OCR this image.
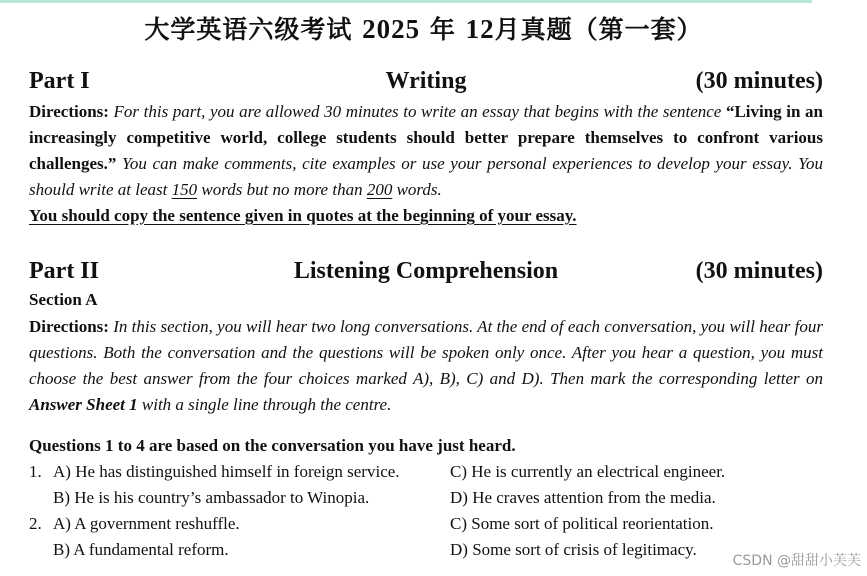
大学英语六级考试 2025 年 12月真题（第一套）
Part I	Writing	(30 minutes)
Directions: For this part, you are allowed 30 minutes to write an essay that begins with the sentence “Living in an increasingly competitive world, college students should better prepare themselves to confront various challenges.” You can make comments, cite examples or use your personal experiences to develop your essay. You should write at least 150 words but no more than 200 words.
You should copy the sentence given in quotes at the beginning of your essay.
Part II	Listening Comprehension	(30 minutes)
Section A
Directions: In this section, you will hear two long conversations. At the end of each conversation, you will hear four questions. Both the conversation and the questions will be spoken only once. After you hear a question, you must choose the best answer from the four choices marked A), B), C) and D). Then mark the corresponding letter on Answer Sheet 1 with a single line through the centre.
Questions 1 to 4 are based on the conversation you have just heard.
1. A) He has distinguished himself in foreign service.	C) He is currently an electrical engineer.
B) He is his country’s ambassador to Winopia.	D) He craves attention from the media.
2. A) A government reshuffle.	C) Some sort of political reorientation.
B) A fundamental reform.	D) Some sort of crisis of legitimacy.
CSDN @甜甜小芙芙
